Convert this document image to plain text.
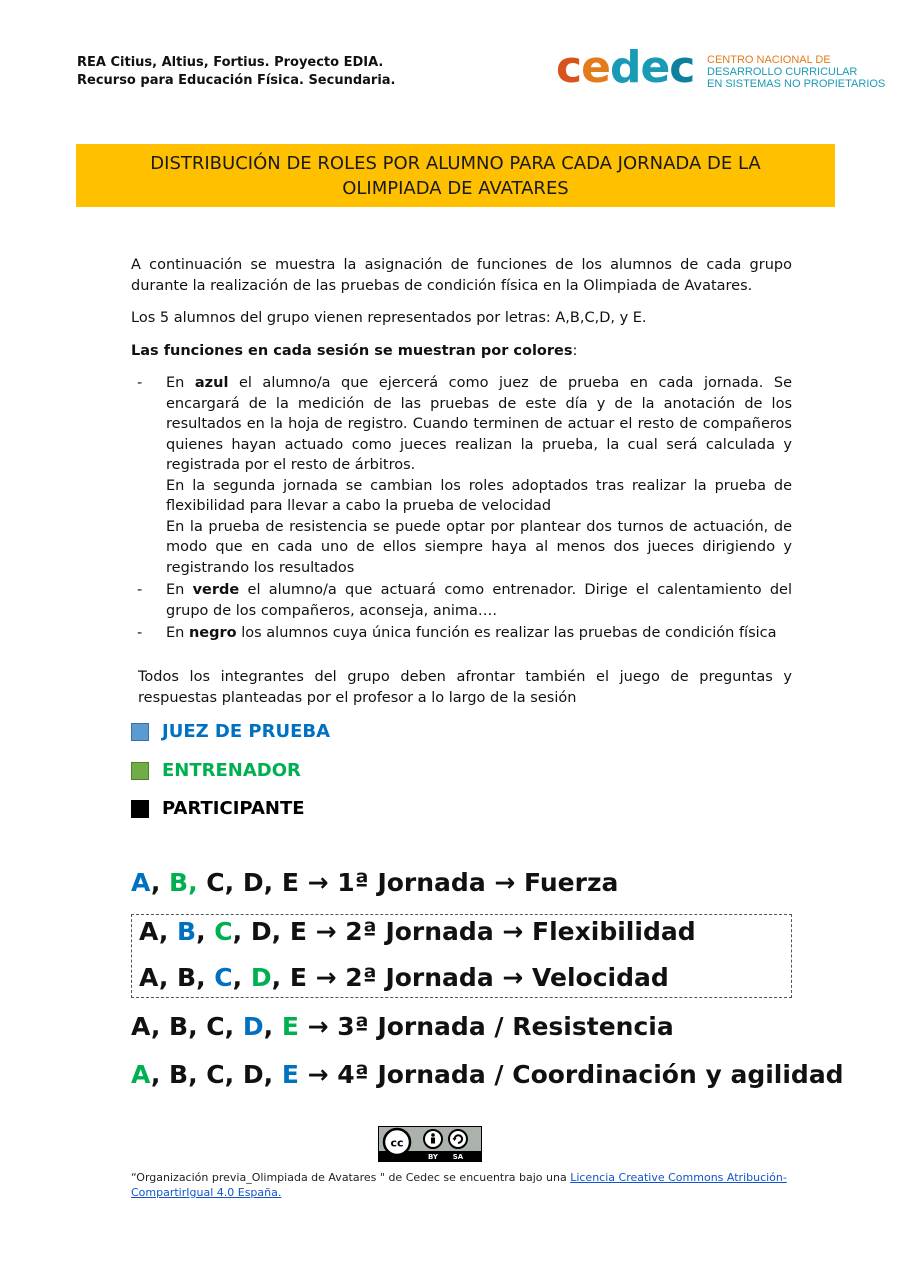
REA Citius, Altius, Fortius. Proyecto EDIA.
Recurso para Educación Física. Secundaria.	cedec CENTRO NACIONAL DE
DESARROLLO CURRICULAR
EN SISTEMAS NO PROPIETARIOS
DISTRIBUCIÓN DE ROLES POR ALUMNO PARA CADA JORNADA DE LA
OLIMPIADA DE AVATARES

A continuación se muestra la asignación de funciones de los alumnos de cada grupo durante la realización de las pruebas de condición física en la Olimpiada de Avatares.

Los 5 alumnos del grupo vienen representados por letras: A,B,C,D, y E.

Las funciones en cada sesión se muestran por colores:

- En azul el alumno/a que ejercerá como juez de prueba en cada jornada. Se encargará de la medición de las pruebas de este día y de la anotación de los resultados en la hoja de registro. Cuando terminen de actuar el resto de compañeros quienes hayan actuado como jueces realizan la prueba, la cual será calculada y registrada por el resto de árbitros.

En la segunda jornada se cambian los roles adoptados tras realizar la prueba de flexibilidad para llevar a cabo la prueba de velocidad

En la prueba de resistencia se puede optar por plantear dos turnos de actuación, de modo que en cada uno de ellos siempre haya al menos dos jueces dirigiendo y registrando los resultados

- En verde el alumno/a que actuará como entrenador. Dirige el calentamiento del grupo de los compañeros, aconseja, anima….

- En negro los alumnos cuya única función es realizar las pruebas de condición física

Todos los integrantes del grupo deben afrontar también el juego de preguntas y respuestas planteadas por el profesor a lo largo de la sesión

JUEZ DE PRUEBA
ENTRENADOR
PARTICIPANTE
A, B, C, D, E → 1ª Jornada → Fuerza
A, B, C, D, E → 2ª Jornada → Flexibilidad
A, B, C, D, E → 2ª Jornada → Velocidad
A, B, C, D, E → 3ª Jornada / Resistencia
A, B, C, D, E → 4ª Jornada / Coordinación y agilidad
cc
BY SA
“Organización previa_Olimpiada de Avatares " de Cedec se encuentra bajo una Licencia Creative Commons Atribución-CompartirIgual 4.0 España.
